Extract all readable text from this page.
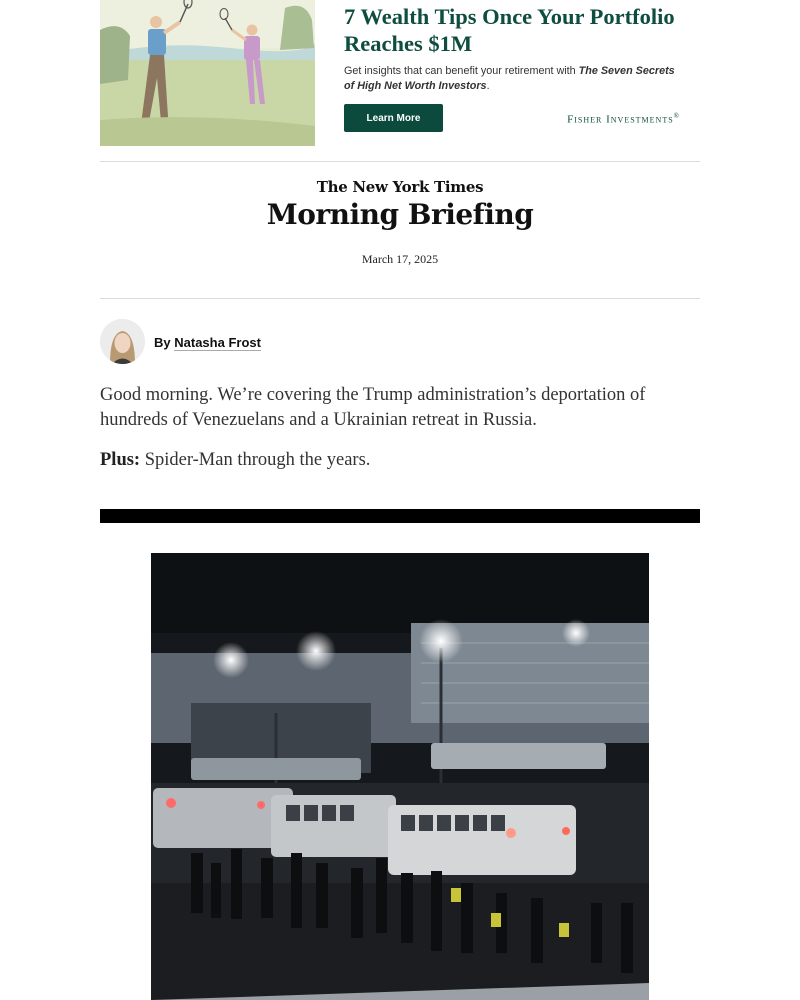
7 Wealth Tips Once Your Portfolio Reaches $1M
Get insights that can benefit your retirement with The Seven Secrets of High Net Worth Investors.
Learn More	Fisher Investments®
The New York Times
Morning Briefing
March 17, 2025
By Natasha Frost
Good morning. We’re covering the Trump administration’s deportation of hundreds of Venezuelans and a Ukrainian retreat in Russia.
Plus: Spider-Man through the years.
